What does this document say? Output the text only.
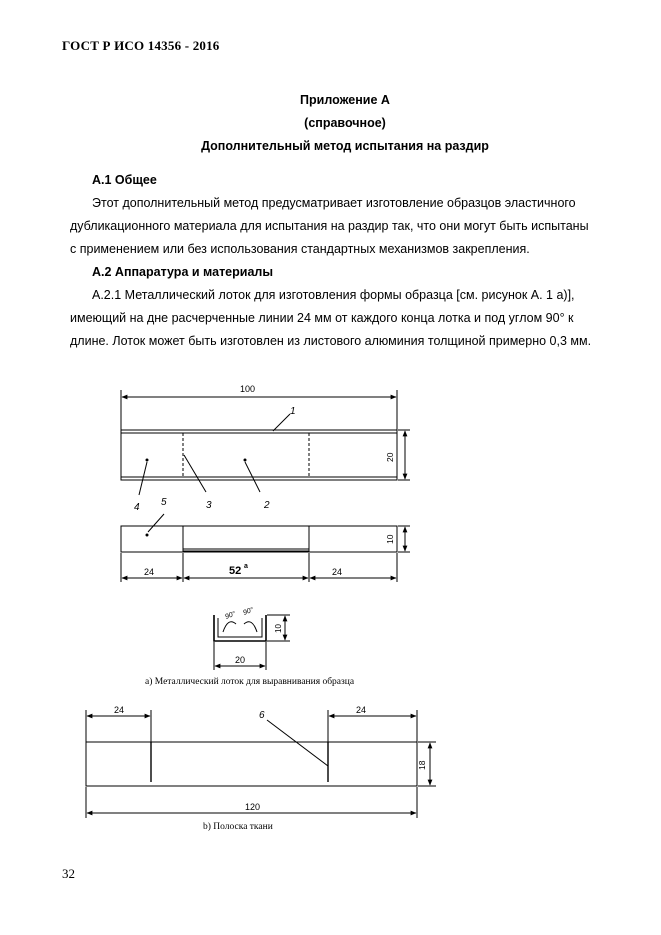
ГОСТ Р ИСО 14356 - 2016
Приложение А
(справочное)
Дополнительный метод испытания на раздир
А.1 Общее
Этот дополнительный метод предусматривает изготовление образцов эластичного
дубликационного материала для испытания на раздир так, что они могут быть испытаны
с применением или без использования стандартных механизмов закрепления.
А.2 Аппаратура и материалы
А.2.1 Металлический лоток для изготовления формы образца [см. рисунок А. 1 а)],
имеющий на дне расчерченные линии 24 мм от каждого конца лотка и под углом 90° к
длине. Лоток может быть изготовлен из листового алюминия толщиной примерно 0,3 мм.
100
20
1
4	3	2
5
10
24	52 a
24
90° 90°
10
20
24	24
6
18
120
а) Металлический лоток для выравнивания образца
b) Полоска ткани
32
